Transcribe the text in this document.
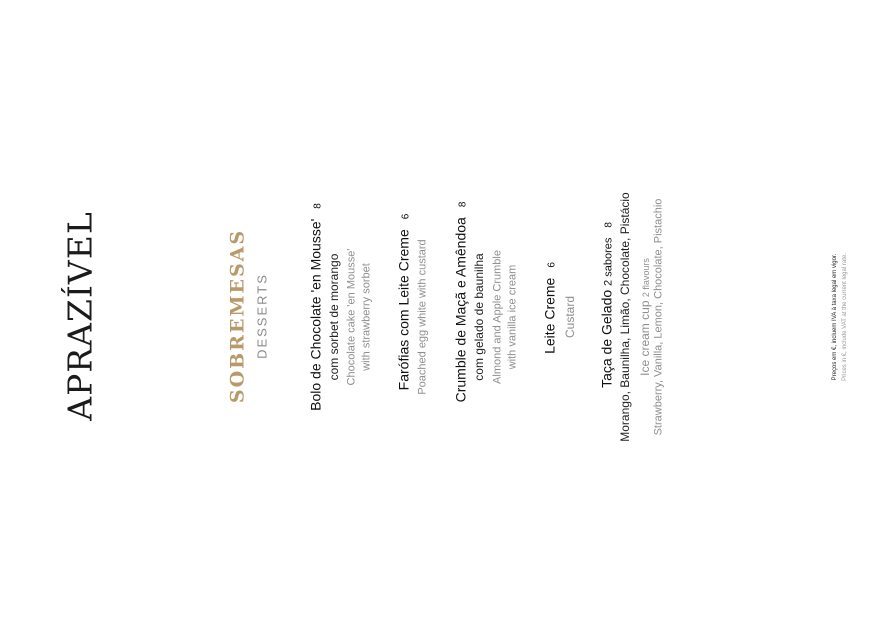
APRAZÍVEL	SOBREMESAS DESSERTS	Bolo de Chocolate 'en Mousse'8
com sorbet de morango Chocolate cake 'en Mousse' with strawberry sorbet Farófias com Leite Creme6
Poached egg white with custard Crumble de Maçã e Amêndoa8
com gelado de baunilha Almond and Apple Crumble with vanilla ice cream Leite Creme6
Custard Taça de Gelado 2 sabores8 Morango, Baunilha, Limão, Chocolate, Pistácio Ice cream cup 2 flavours Strawberry, Vanilla, Lemon, Chocolate, Pistachio	Preços em €, incluem IVA à taxa legal em vigor. Prices in €, include VAT at the current legal rate.
